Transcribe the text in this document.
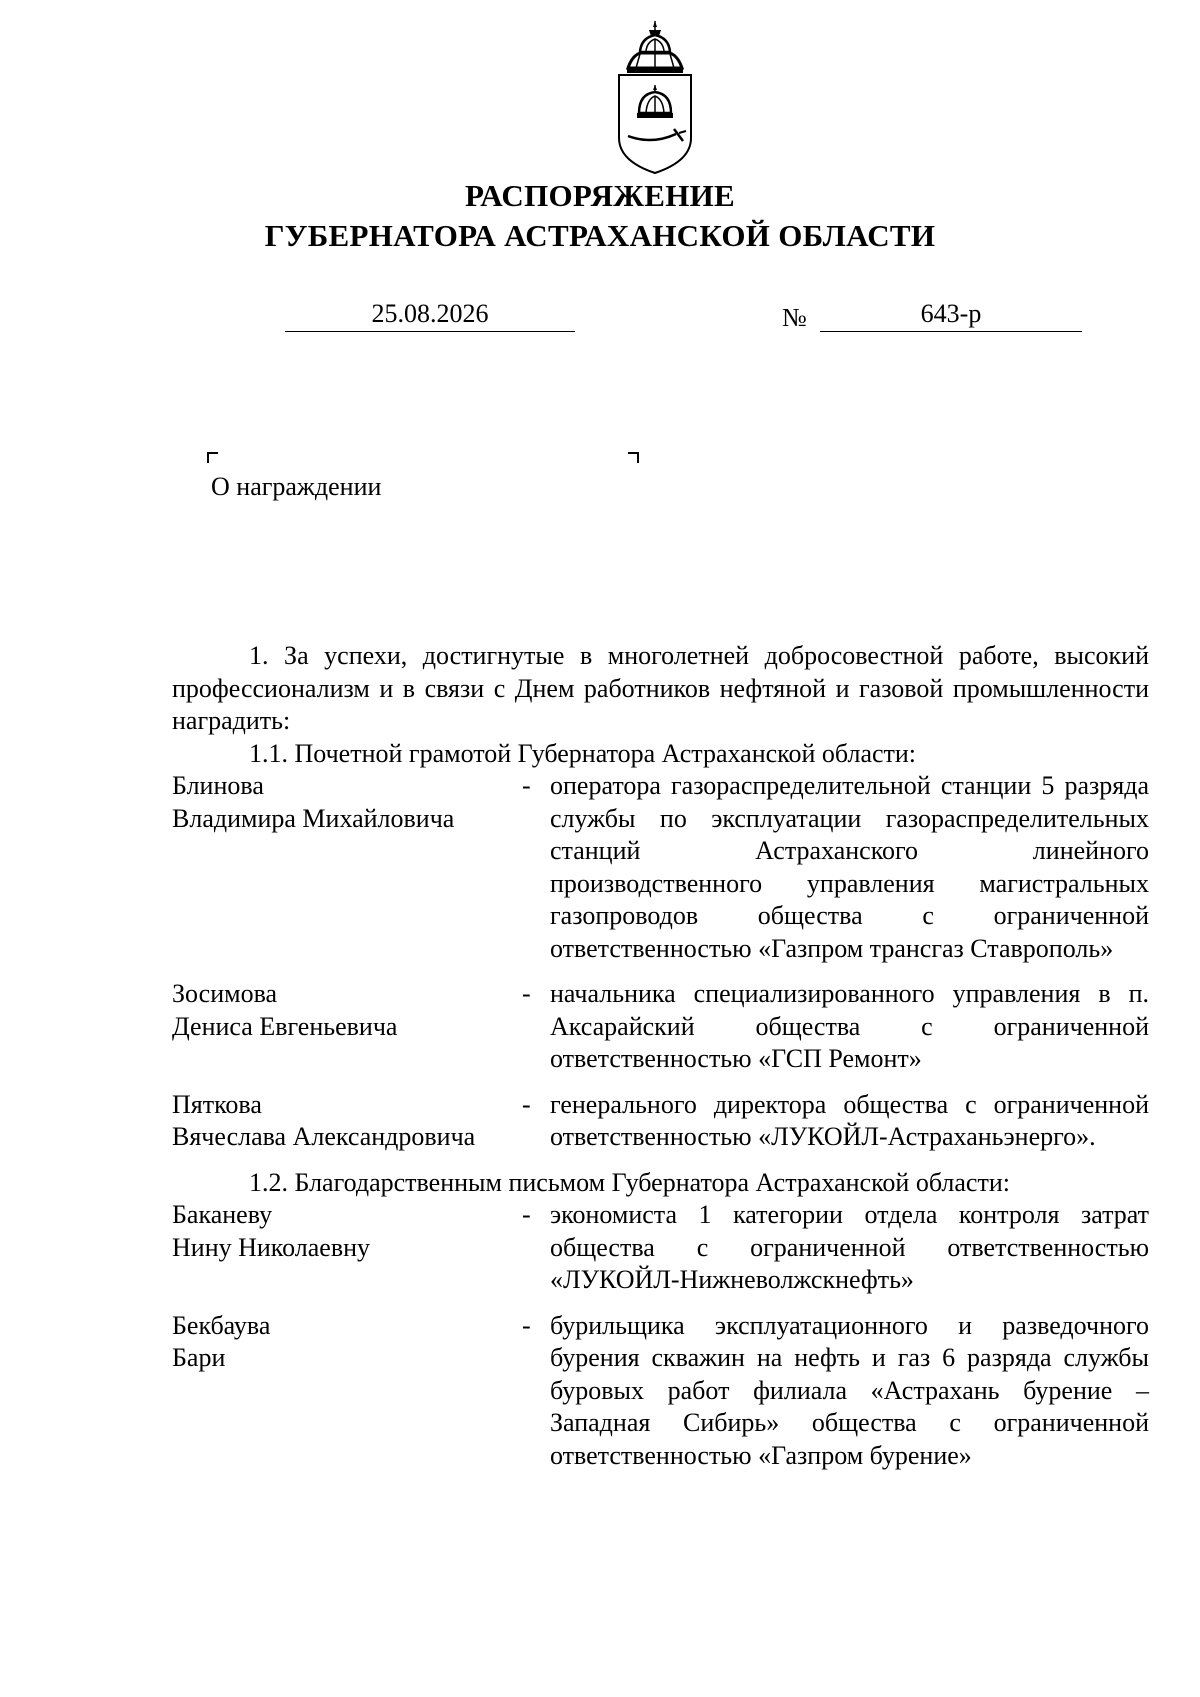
РАСПОРЯЖЕНИЕ
ГУБЕРНАТОРА АСТРАХАНСКОЙ ОБЛАСТИ
25.08.2026	№	643-р
О награждении

1. За успехи, достигнутые в многолетней добросовестной работе, высокий профессионализм и в связи с Днем работников нефтяной и газовой промышленности наградить:

1.1. Почетной грамотой Губернатора Астраханской области:

Блинова
Владимира Михайловича
- оператора газораспределительной станции 5 разряда службы по эксплуатации газораспределительных станций Астраханского линейного производственного управления магистральных газопроводов общества с ограниченной ответственностью «Газпром трансгаз Ставрополь»
Зосимова
Дениса Евгеньевича
- начальника специализированного управления в п. Аксарайский общества с ограниченной ответственностью «ГСП Ремонт»
Пяткова
Вячеслава Александровича
- генерального директора общества с ограниченной ответственностью «ЛУКОЙЛ-Астраханьэнерго».

1.2. Благодарственным письмом Губернатора Астраханской области:

Баканеву
Нину Николаевну
- экономиста 1 категории отдела контроля затрат общества с ограниченной ответственностью «ЛУКОЙЛ-Нижневолжскнефть»
Бекбаува
Бари
- бурильщика эксплуатационного и разведочного бурения скважин на нефть и газ 6 разряда службы буровых работ филиала «Астрахань бурение – Западная Сибирь» общества с ограниченной ответственностью «Газпром бурение»
